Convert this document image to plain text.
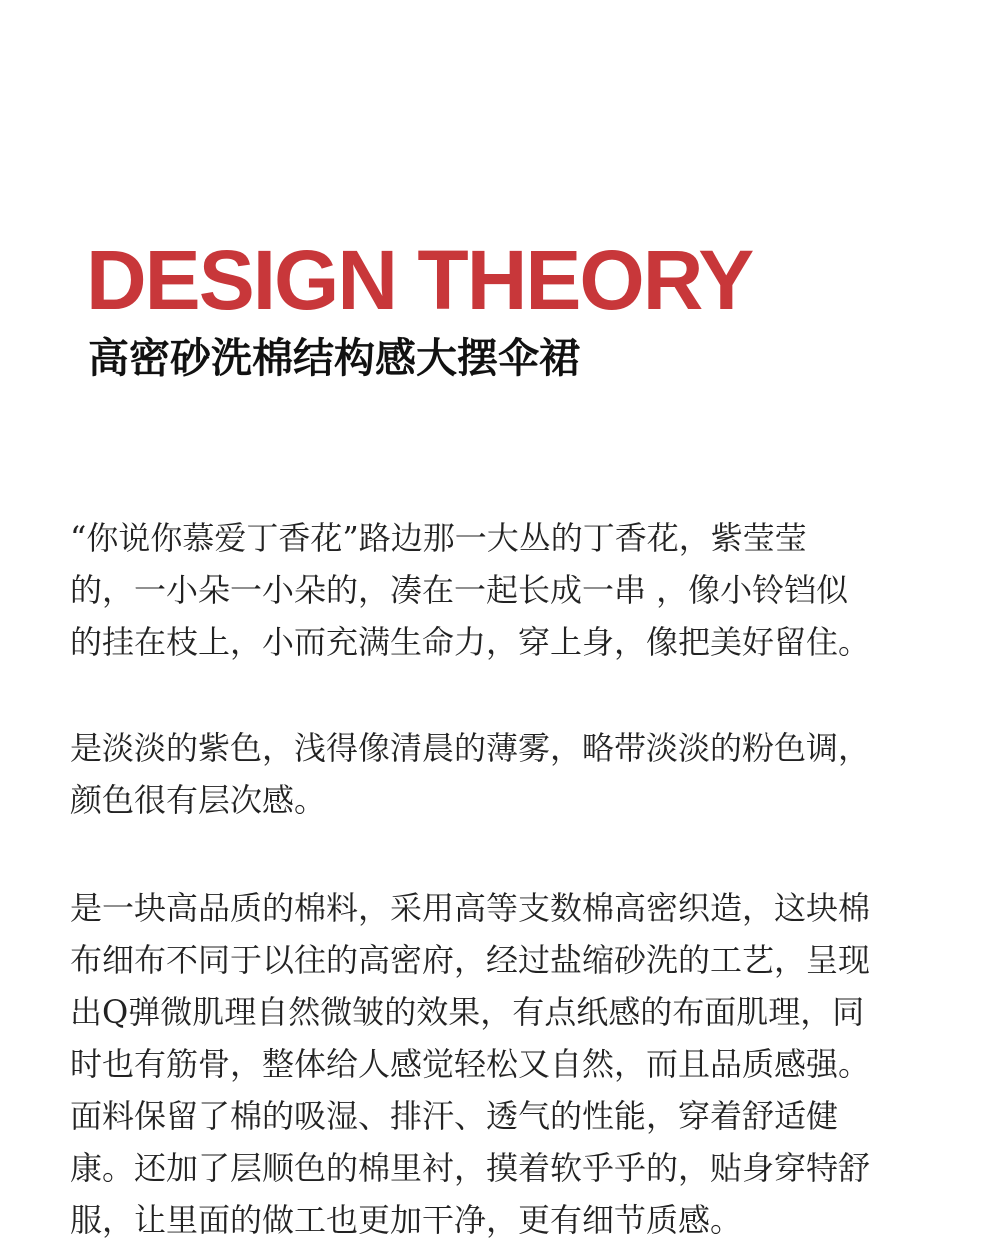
DESIGN THEORY
高密砂洗棉结构感大摆伞裙
“你说你慕爱丁香花”路边那一大丛的丁香花，紫莹莹
的，一小朵一小朵的，凑在一起长成一串 ，像小铃铛似
的挂在枝上，小而充满生命力，穿上身，像把美好留住。
是淡淡的紫色，浅得像清晨的薄雾，略带淡淡的粉色调，
颜色很有层次感。
是一块高品质的棉料，采用高等支数棉高密织造，这块棉
布细布不同于以往的高密府，经过盐缩砂洗的工艺，呈现
出Q弹微肌理自然微皱的效果，有点纸感的布面肌理，同
时也有筋骨，整体给人感觉轻松又自然，而且品质感强。
面料保留了棉的吸湿、排汗、透气的性能，穿着舒适健
康。还加了层顺色的棉里衬，摸着软乎乎的，贴身穿特舒
服，让里面的做工也更加干净，更有细节质感。
